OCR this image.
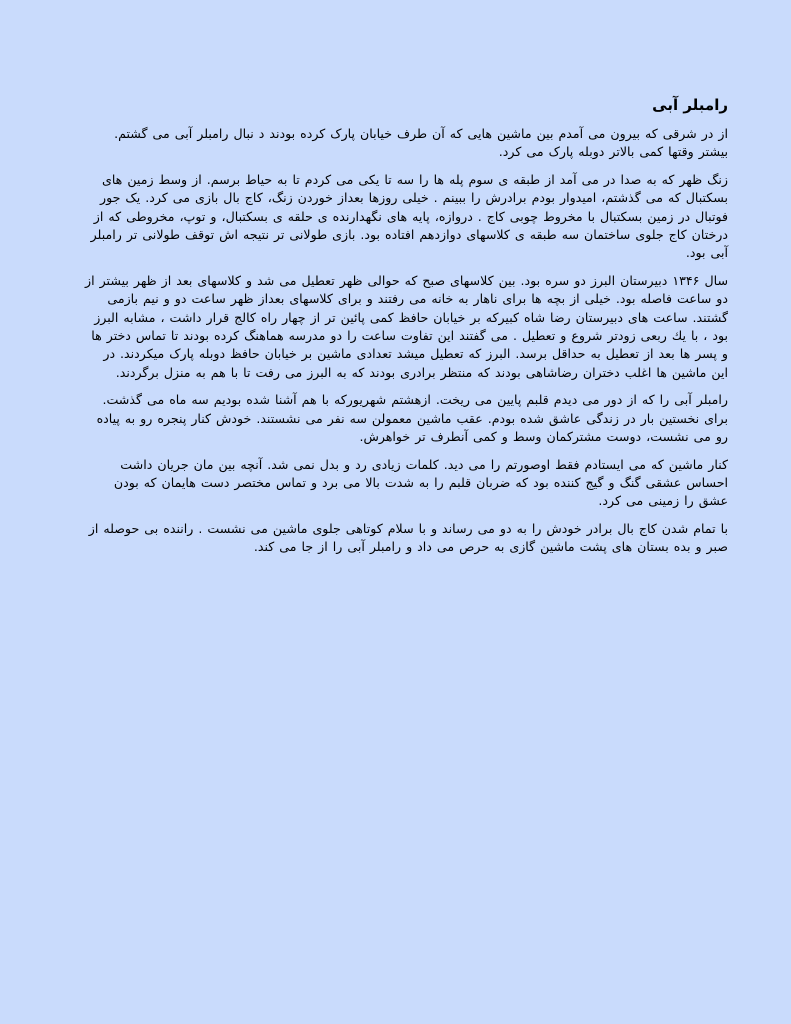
رامبلر آبی

از در شرقی که بیرون می آمدم بین ماشین هایی که آن طرف خیابان پارک کرده بودند د نبال رامبلر آبی می گشتم. بیشتر وقتها کمی بالاتر دوبله پارک می کرد.

زنگ ظهر که به صدا در می آمد از طبقه ی سوم پله ها را سه تا یکی می کردم تا به حیاط برسم. از وسط زمین های بسکتبال که می گذشتم، امیدوار بودم برادرش را ببینم . خیلی روزها بعداز خوردن زنگ، کاج بال بازی می کرد. یک جور فوتبال در زمین بسکتبال با مخروط چوبی کاج . دروازه، پایه های نگهدارنده ی حلقه ی بسکتبال، و توپ، مخروطی که از درختان کاج جلوی ساختمان سه طبقه ی کلاسهای دوازدهم افتاده بود. بازی طولانی تر نتیجه اش توقف طولانی تر رامبلر آبی بود.

سال ۱۳۴۶ دبیرستان البرز دو سره بود. بین کلاسهای صبح که حوالی ظهر تعطیل می شد و کلاسهای بعد از ظهر بیشتر از دو ساعت فاصله بود. خیلی از بچه ها برای ناهار به خانه می رفتند و برای کلاسهای بعداز ظهر ساعت دو و نیم بازمی گشتند. ساعت های دبیرستان رضا شاه کبیرکه بر خیابان حافظ کمی پائین تر از چهار راه کالج قرار داشت ، مشابه البرز بود ، با یك ربعی زودتر شروع و تعطیل . می گفتند این تفاوت ساعت را دو مدرسه هماهنگ کرده بودند تا تماس دختر ها و پسر ها بعد از تعطیل به حداقل برسد. البرز که تعطیل میشد تعدادی ماشین بر خیابان حافظ دوبله پارک میکردند. در این ماشین ها اغلب دختران رضاشاهی بودند که منتظر برادری بودند که به البرز می رفت تا با هم به منزل برگردند.

رامبلر آبی را که از دور می دیدم قلبم پایین می ریخت. ازهشتم شهریورکه با هم آشنا شده بودیم سه ماه می گذشت. برای نخستین بار در زندگی عاشق شده بودم. عقب ماشین معمولن سه نفر می نشستند. خودش کنار پنجره رو به پیاده رو می نشست، دوست مشترکمان وسط و کمی آنطرف تر خواهرش.

کنار ماشین که می ایستادم فقط اوصورتم را می دید. کلمات زیادی رد و بدل نمی شد. آنچه بین مان جریان داشت احساس عشقی گنگ و گیج کننده بود که ضربان قلبم را به شدت بالا می برد و تماس مختصر دست هایمان که بودن عشق را زمینی می کرد.

با تمام شدن کاج بال برادر خودش را به دو می رساند و با سلام کوتاهی جلوی ماشین می نشست . راننده بی حوصله از صبر و بده بستان های پشت ماشین گازی به حرص می داد و رامبلر آبی را از جا می کند.
